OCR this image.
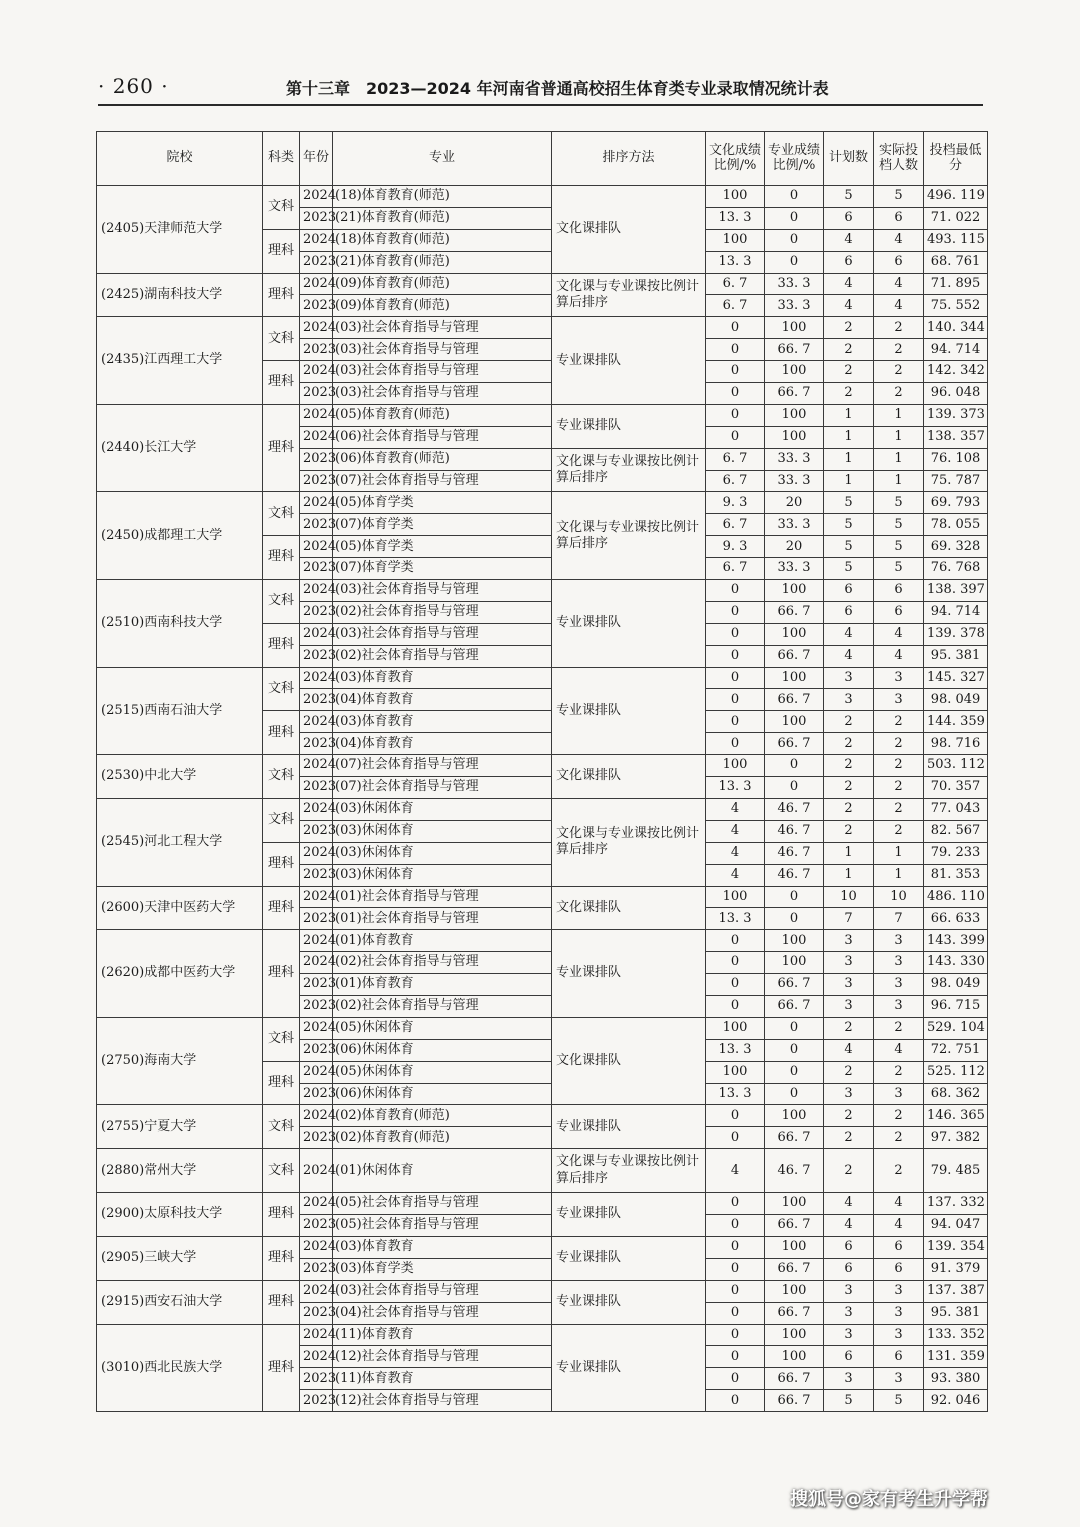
· 260 ·	第十三章　2023—2024 年河南省普通高校招生体育类专业录取情况统计表
院校	科类	年份	专业	排序方法	文化成绩比例/%	专业成绩比例/%	计划数	实际投档人数	投档最低分
(2405)天津师范大学	文科	2024	(18)体育教育(师范)	文化课排队	100	0	5	5	496. 119
		2023	(21)体育教育(师范)		13. 3	0	6	6	71. 022
	理科	2024	(18)体育教育(师范)		100	0	4	4	493. 115
		2023	(21)体育教育(师范)		13. 3	0	6	6	68. 761
(2425)湖南科技大学	理科	2024	(09)体育教育(师范)	文化课与专业课按比例计算后排序	6. 7	33. 3	4	4	71. 895
		2023	(09)体育教育(师范)		6. 7	33. 3	4	4	75. 552
(2435)江西理工大学	文科	2024	(03)社会体育指导与管理	专业课排队	0	100	2	2	140. 344
		2023	(03)社会体育指导与管理		0	66. 7	2	2	94. 714
	理科	2024	(03)社会体育指导与管理		0	100	2	2	142. 342
		2023	(03)社会体育指导与管理		0	66. 7	2	2	96. 048
(2440)长江大学	理科	2024	(05)体育教育(师范)	专业课排队	0	100	1	1	139. 373
		2024	(06)社会体育指导与管理		0	100	1	1	138. 357
		2023	(06)体育教育(师范)	文化课与专业课按比例计算后排序	6. 7	33. 3	1	1	76. 108
		2023	(07)社会体育指导与管理		6. 7	33. 3	1	1	75. 787
(2450)成都理工大学	文科	2024	(05)体育学类	文化课与专业课按比例计算后排序	9. 3	20	5	5	69. 793
		2023	(07)体育学类		6. 7	33. 3	5	5	78. 055
	理科	2024	(05)体育学类		9. 3	20	5	5	69. 328
		2023	(07)体育学类		6. 7	33. 3	5	5	76. 768
(2510)西南科技大学	文科	2024	(03)社会体育指导与管理	专业课排队	0	100	6	6	138. 397
		2023	(02)社会体育指导与管理		0	66. 7	6	6	94. 714
	理科	2024	(03)社会体育指导与管理		0	100	4	4	139. 378
		2023	(02)社会体育指导与管理		0	66. 7	4	4	95. 381
(2515)西南石油大学	文科	2024	(03)体育教育	专业课排队	0	100	3	3	145. 327
		2023	(04)体育教育		0	66. 7	3	3	98. 049
	理科	2024	(03)体育教育		0	100	2	2	144. 359
		2023	(04)体育教育		0	66. 7	2	2	98. 716
(2530)中北大学	文科	2024	(07)社会体育指导与管理	文化课排队	100	0	2	2	503. 112
		2023	(07)社会体育指导与管理		13. 3	0	2	2	70. 357
(2545)河北工程大学	文科	2024	(03)休闲体育	文化课与专业课按比例计算后排序	4	46. 7	2	2	77. 043
		2023	(03)休闲体育		4	46. 7	2	2	82. 567
	理科	2024	(03)休闲体育		4	46. 7	1	1	79. 233
		2023	(03)休闲体育		4	46. 7	1	1	81. 353
(2600)天津中医药大学	理科	2024	(01)社会体育指导与管理	文化课排队	100	0	10	10	486. 110
		2023	(01)社会体育指导与管理		13. 3	0	7	7	66. 633
(2620)成都中医药大学	理科	2024	(01)体育教育	专业课排队	0	100	3	3	143. 399
		2024	(02)社会体育指导与管理		0	100	3	3	143. 330
		2023	(01)体育教育		0	66. 7	3	3	98. 049
		2023	(02)社会体育指导与管理		0	66. 7	3	3	96. 715
(2750)海南大学	文科	2024	(05)休闲体育	文化课排队	100	0	2	2	529. 104
		2023	(06)休闲体育		13. 3	0	4	4	72. 751
	理科	2024	(05)休闲体育		100	0	2	2	525. 112
		2023	(06)休闲体育		13. 3	0	3	3	68. 362
(2755)宁夏大学	文科	2024	(02)体育教育(师范)	专业课排队	0	100	2	2	146. 365
		2023	(02)体育教育(师范)		0	66. 7	2	2	97. 382
(2880)常州大学	文科	2024	(01)休闲体育	文化课与专业课按比例计算后排序	4	46. 7	2	2	79. 485
(2900)太原科技大学	理科	2024	(05)社会体育指导与管理	专业课排队	0	100	4	4	137. 332
		2023	(05)社会体育指导与管理		0	66. 7	4	4	94. 047
(2905)三峡大学	理科	2024	(03)体育教育	专业课排队	0	100	6	6	139. 354
		2023	(03)体育学类		0	66. 7	6	6	91. 379
(2915)西安石油大学	理科	2024	(03)社会体育指导与管理	专业课排队	0	100	3	3	137. 387
		2023	(04)社会体育指导与管理		0	66. 7	3	3	95. 381
(3010)西北民族大学	理科	2024	(11)体育教育	专业课排队	0	100	3	3	133. 352
		2024	(12)社会体育指导与管理		0	100	6	6	131. 359
		2023	(11)体育教育		0	66. 7	3	3	93. 380
		2023	(12)社会体育指导与管理		0	66. 7	5	5	92. 046
搜狐号@家有考生升学帮
